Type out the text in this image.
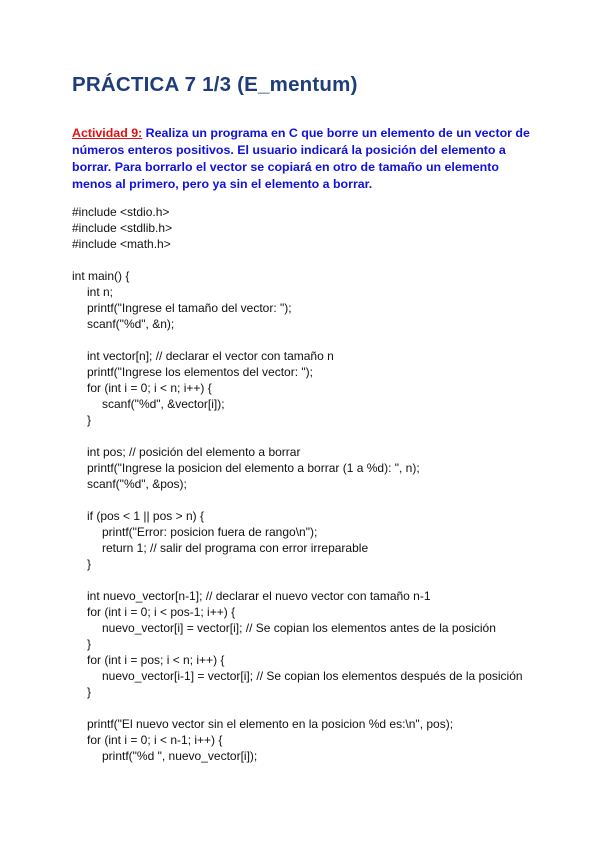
PRÁCTICA 7 1/3 (E_mentum)
Actividad 9: Realiza un programa en C que borre un elemento de un vector de números enteros positivos. El usuario indicará la posición del elemento a borrar. Para borrarlo el vector se copiará en otro de tamaño un elemento menos al primero, pero ya sin el elemento a borrar.
#include <stdio.h>
#include <stdlib.h>
#include <math.h>
int main() {
int n;
printf("Ingrese el tamaño del vector: ");
scanf("%d", &n);
int vector[n]; // declarar el vector con tamaño n
printf("Ingrese los elementos del vector: ");
for (int i = 0; i < n; i++) {
scanf("%d", &vector[i]);
}
int pos; // posición del elemento a borrar
printf("Ingrese la posicion del elemento a borrar (1 a %d): ", n);
scanf("%d", &pos);
if (pos < 1 || pos > n) {
printf("Error: posicion fuera de rango\n");
return 1; // salir del programa con error irreparable
}
int nuevo_vector[n-1]; // declarar el nuevo vector con tamaño n-1
for (int i = 0; i < pos-1; i++) {
nuevo_vector[i] = vector[i]; // Se copian los elementos antes de la posición
}
for (int i = pos; i < n; i++) {
nuevo_vector[i-1] = vector[i]; // Se copian los elementos después de la posición
}
printf("El nuevo vector sin el elemento en la posicion %d es:\n", pos);
for (int i = 0; i < n-1; i++) {
printf("%d ", nuevo_vector[i]);
